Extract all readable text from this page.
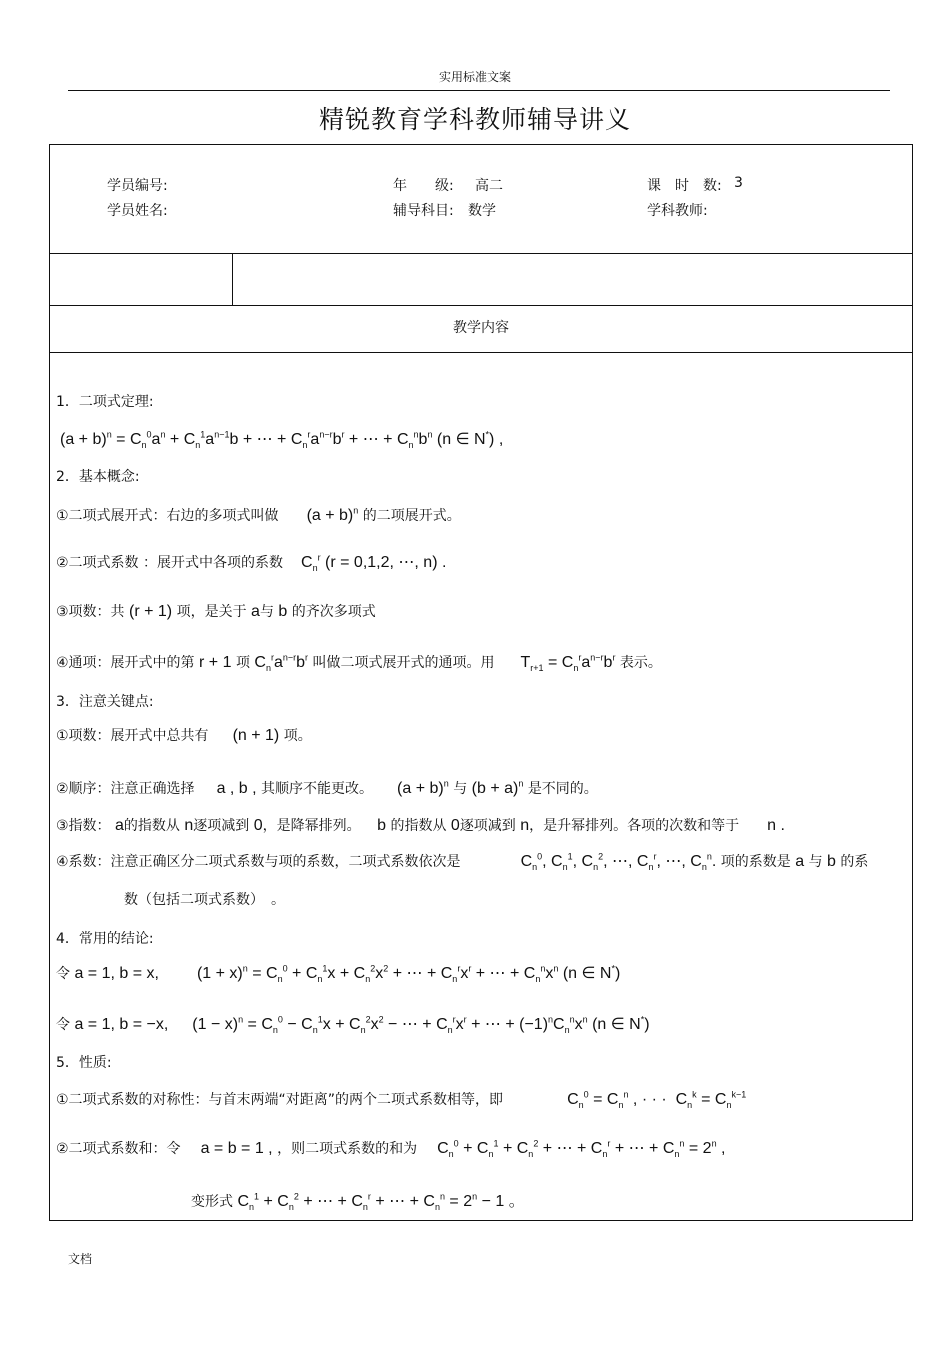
实用标准文案
精锐教育学科教师辅导讲义
学员编号:	年　　级: 高二	课　时　数: 3
学员姓名:	辅导科目: 数学	学科教师:
教学内容
1．二项式定理:
$(a + b)^n = C_n^0a^n + C_n^1a^{n-1}b$ + ⋯ + $C_n^ra^{n-r}b^r$ + ⋯ + $C_n^nb^n$ (n ∈ N*) ,
2．基本概念:
①二项式展开式：右边的多项式叫做 $(a + b)^n$ 的二项展开式。
②二项式系数 ：展开式中各项的系数 $C_n^r$ (r = 0,1,2, ⋯, n) .
③项数：共 (r + 1) 项，是关于 a与 b 的齐次多项式
④通项：展开式中的第 r + 1 项 $C_n^ra^{n-r}b^r$ 叫做二项式展开式的通项。用 $T_{r+1} = C_n^ra^{n-r}b^r$ 表示。
3．注意关键点:
①项数：展开式中总共有 (n + 1) 项。
②顺序：注意正确选择 a , b , 其顺序不能更改。 $(a + b)^n$ 与 $(b + a)^n$ 是不同的。
③指数： a的指数从 n逐项减到 0，是降幂排列。 b 的指数从 0逐项减到 n，是升幂排列。各项的次数和等于 n .
④系数：注意正确区分二项式系数与项的系数，二项式系数依次是	$C_n^0$, $C_n^1$, $C_n^2$, ⋯, $C_n^r$, ⋯, $C_n^n$. 项的系数是 a 与 b 的系
数（包括二项式系数）　。
4．常用的结论:
令 a = 1, b = x, $(1 + x)^n = C_n^0 + C_n^1x + C_n^2x^2$ + ⋯ + $C_n^rx^r$ + ⋯ + $C_n^nx^n$ (n ∈ N*)
令 a = 1, b = −x, $(1 - x)^n = C_n^0 - C_n^1x + C_n^2x^2$ − ⋯ + $C_n^rx^r$ + ⋯ + $(-1)^nC_n^nx^n$ (n ∈ N*)
5．性质:
①二项式系数的对称性：与首末两端“对距离”的两个二项式系数相等，即	$C_n^0 = C_n^n$ , · · ·  $C_n^k = C_n^{k-1}$
②二项式系数和：令 a = b = 1 , ，则二项式系数的和为 $C_n^0 + C_n^1 + C_n^2$ + ⋯ + $C_n^r$ + ⋯ + $C_n^n = 2^n$ ,
变形式 $C_n^1 + C_n^2$ + ⋯ + $C_n^r$ + ⋯ + $C_n^n = 2^n - 1$ 。
文档
